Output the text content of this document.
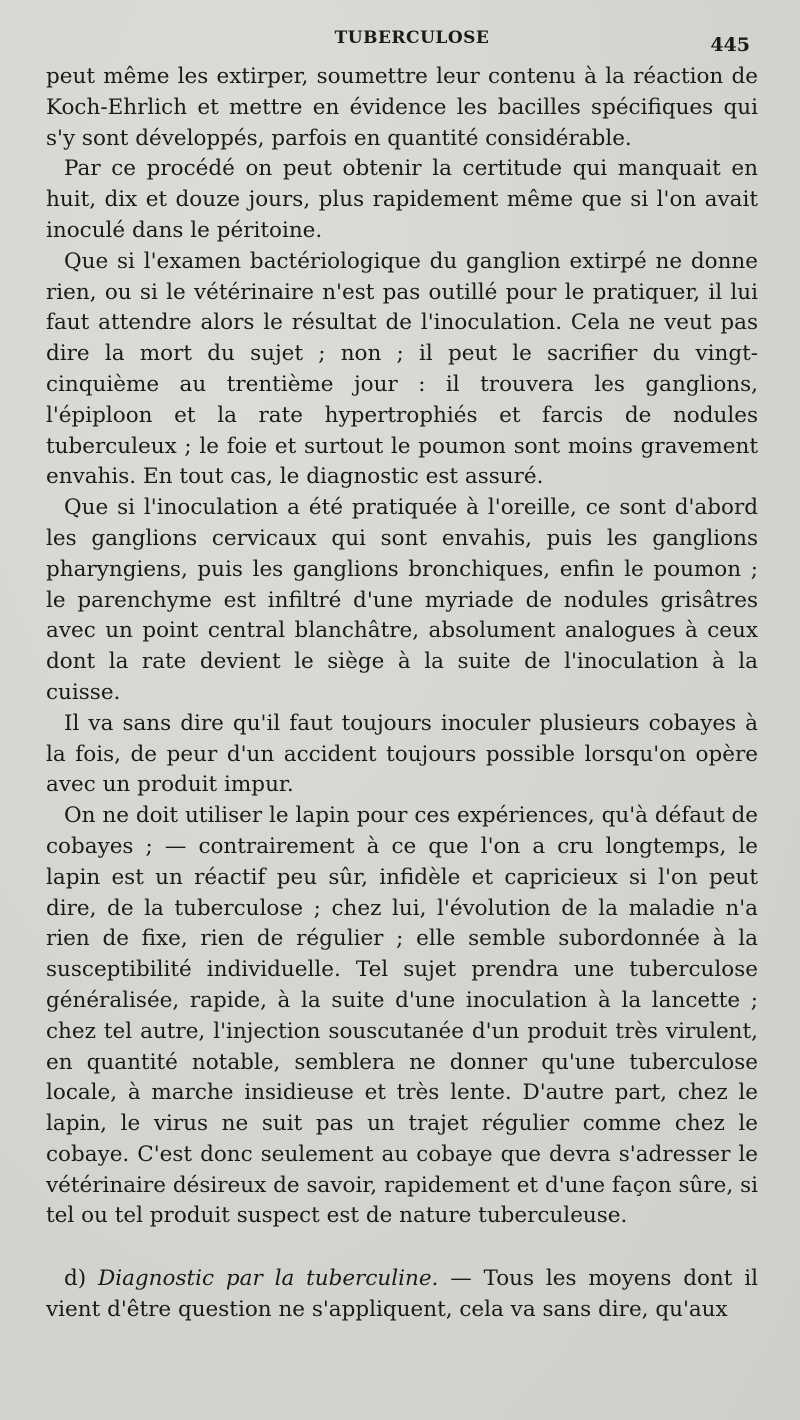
TUBERCULOSE	445

peut même les extirper, soumettre leur contenu à la réaction de Koch-Ehrlich et mettre en évidence les bacilles spécifiques qui s'y sont développés, parfois en quantité considérable.

Par ce procédé on peut obtenir la certitude qui manquait en huit, dix et douze jours, plus rapidement même que si l'on avait inoculé dans le péritoine.

Que si l'examen bactériologique du ganglion extirpé ne donne rien, ou si le vétérinaire n'est pas outillé pour le pratiquer, il lui faut attendre alors le résultat de l'inoculation. Cela ne veut pas dire la mort du sujet ; non ; il peut le sacrifier du vingt-cinquième au trentième jour : il trouvera les ganglions, l'épiploon et la rate hypertrophiés et farcis de nodules tuberculeux ; le foie et surtout le poumon sont moins gravement envahis. En tout cas, le diagnostic est assuré.

Que si l'inoculation a été pratiquée à l'oreille, ce sont d'abord les ganglions cervicaux qui sont envahis, puis les ganglions pharyngiens, puis les ganglions bronchiques, enfin le poumon ; le parenchyme est infiltré d'une myriade de nodules grisâtres avec un point central blanchâtre, absolument analogues à ceux dont la rate devient le siège à la suite de l'inoculation à la cuisse.

Il va sans dire qu'il faut toujours inoculer plusieurs cobayes à la fois, de peur d'un accident toujours possible lorsqu'on opère avec un produit impur.

On ne doit utiliser le lapin pour ces expériences, qu'à défaut de cobayes ; — contrairement à ce que l'on a cru longtemps, le lapin est un réactif peu sûr, infidèle et capricieux si l'on peut dire, de la tuberculose ; chez lui, l'évolution de la maladie n'a rien de fixe, rien de régulier ; elle semble subordonnée à la susceptibilité individuelle. Tel sujet prendra une tuberculose généralisée, rapide, à la suite d'une inoculation à la lancette ; chez tel autre, l'injection souscutanée d'un produit très virulent, en quantité notable, semblera ne donner qu'une tuberculose locale, à marche insidieuse et très lente. D'autre part, chez le lapin, le virus ne suit pas un trajet régulier comme chez le cobaye. C'est donc seulement au cobaye que devra s'adresser le vétérinaire désireux de savoir, rapidement et d'une façon sûre, si tel ou tel produit suspect est de nature tuberculeuse.

d) Diagnostic par la tuberculine. — Tous les moyens dont il vient d'être question ne s'appliquent, cela va sans dire, qu'aux
